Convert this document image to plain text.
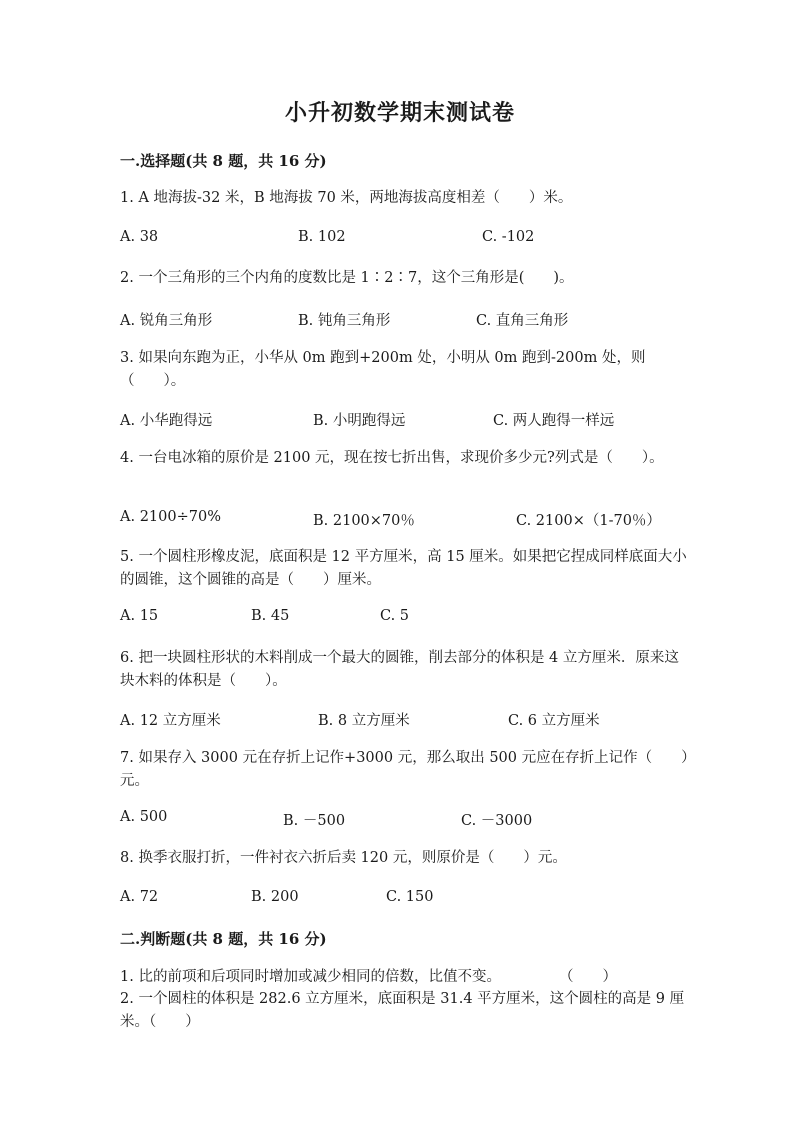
小升初数学期末测试卷
一.选择题(共 8 题，共 16 分)
1. A 地海拔-32 米，B 地海拔 70 米，两地海拔高度相差（　　）米。
A. 38	B. 102	C. -102
2. 一个三角形的三个内角的度数比是 1∶2∶7，这个三角形是(　　)。
A. 锐角三角形	B. 钝角三角形	C. 直角三角形
3. 如果向东跑为正，小华从 0m 跑到+200m 处，小明从 0m 跑到-200m 处，则（　　）。
A. 小华跑得远	B. 小明跑得远	C. 两人跑得一样远
4. 一台电冰箱的原价是 2100 元，现在按七折出售，求现价多少元?列式是（　　）。
A. 2100÷70%	B. 2100×70％	C. 2100×（1-70％）
5. 一个圆柱形橡皮泥，底面积是 12 平方厘米，高 15 厘米。如果把它捏成同样底面大小的圆锥，这个圆锥的高是（　　）厘米。
A. 15	B. 45	C. 5
6. 把一块圆柱形状的木料削成一个最大的圆锥，削去部分的体积是 4 立方厘米．原来这块木料的体积是（　　）。
A. 12 立方厘米	B. 8 立方厘米	C. 6 立方厘米
7. 如果存入 3000 元在存折上记作+3000 元，那么取出 500 元应在存折上记作（　　）元。
A. 500	B. －500	C. －3000
8. 换季衣服打折，一件衬衣六折后卖 120 元，则原价是（　　）元。
A. 72	B. 200	C. 150
二.判断题(共 8 题，共 16 分)
1. 比的前项和后项同时增加或减少相同的倍数，比值不变。　　　　　（　　）
2. 一个圆柱的体积是 282.6 立方厘米，底面积是 31.4 平方厘米，这个圆柱的高是 9 厘米。（　　）
